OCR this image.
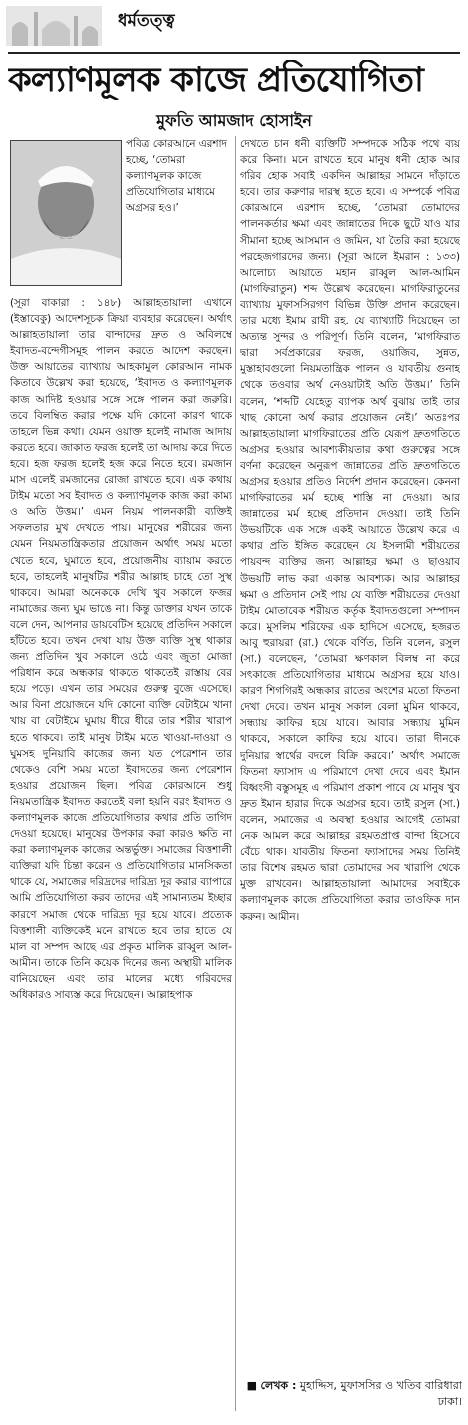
ধর্মতত্ত্ব
কল্যাণমূলক কাজে প্রতিযোগিতা
মুফতি আমজাদ হোসাইন
পবিত্র কোরআনে এরশাদ হচ্ছে, ‘তোমরা কল্যাণমূলক কাজে প্রতিযোগিতার মাধ্যমে অগ্রসর হও।’
(সূরা বাকারা : ১৪৮) আল্লাহতায়ালা এখানে (ইস্তাবেকু) আদেশসূচক ক্রিয়া ব্যবহার করেছেন। অর্থাৎ আল্লাহতায়ালা তার বান্দাদের দ্রুত ও অবিলম্বে ইবাদত-বন্দেগীসমূহ পালন করতে আদেশ করছেন। উক্ত আয়াতের ব্যাখ্যায় আহকামুল কোরআন নামক কিতাবে উল্লেখ করা হয়েছে, ‘ইবাদত ও কল্যাণমূলক কাজ আদিষ্ট হওয়ার সঙ্গে সঙ্গে পালন করা জরুরি। তবে বিলম্বিত করার পক্ষে যদি কোনো কারণ থাকে তাহলে ভিন্ন কথা। যেমন ওয়াক্ত হলেই নামাজ আদায় করতে হবে। জাকাত ফরজ হলেই তা আদায় করে দিতে হবে। হজ ফরজ হলেই হজ করে নিতে হবে। রমজান মাস এলেই রমজানের রোজা রাখতে হবে। এক কথায় টাইম মতো সব ইবাদত ও কল্যাণমূলক কাজ করা কাম্য ও অতি উত্তম।’ এমন নিয়ম পালনকারী ব্যক্তিই সফলতার মুখ দেখতে পায়। মানুষের শরীরের জন্য যেমন নিয়মতান্ত্রিকতার প্রয়োজন অর্থাৎ সময় মতো খেতে হবে, ঘুমাতে হবে, প্রয়োজনীয় ব্যায়াম করতে হবে, তাহলেই মানুষটির শরীর আল্লাহ চাহে তো সুস্থ থাকবে। আমরা অনেককে দেখি খুব সকালে ফজর নামাজের জন্য ঘুম ভাঙে না। কিন্তু ডাক্তার যখন তাকে বলে দেন, আপনার ডায়বেটিস হয়েছে প্রতিদিন সকালে হাঁটতে হবে। তখন দেখা যায় উক্ত ব্যক্তি সুস্থ থাকার জন্য প্রতিদিন খুব সকালে ওঠে এবং জুতা মোজা পরিধান করে অন্ধকার থাকতে থাকতেই রাস্তায় বের হয়ে পড়ে। এখন তার সময়ের গুরুত্ব বুজে এসেছে। আর বিনা প্রয়োজনে যদি কোনো ব্যক্তি বেটাইমে খানা খায় বা বেটাইমে ঘুমায় ধীরে ধীরে তার শরীর খারাপ হতে থাকবে। তাই মানুষ টাইম মতে খাওয়া-দাওয়া ও ঘুমসহ দুনিয়াবি কাজের জন্য যত পেরেশান তার থেকেও বেশি সময় মতো ইবাদতের জন্য পেরেশান হওয়ার প্রয়োজন ছিল। পবিত্র কোরআনে শুধু নিয়মতান্ত্রিক ইবাদত করতেই বলা হয়নি বরং ইবাদত ও কল্যাণমূলক কাজে প্রতিযোগিতার কথার প্রতি তাগিদ দেওয়া হয়েছে। মানুষের উপকার করা কারও ক্ষতি না করা কল্যাণমূলক কাজের অন্তর্ভুক্ত। সমাজের বিত্তশালী ব্যক্তিরা যদি চিন্তা করেন ও প্রতিযোগিতার মানসিকতা থাকে যে, সমাজের দরিদ্রদের দারিদ্র্য দূর করার ব্যাপারে আমি প্রতিযোগিতা করব তাদের এই সামান্যতম ইচ্ছার কারণে সমাজ থেকে দারিদ্র্য দূর হয়ে যাবে। প্রত্যেক বিত্তশালী ব্যক্তিকেই মনে রাখতে হবে তার হাতে যে মাল বা সম্পদ আছে এর প্রকৃত মালিক রাব্বুল আল-আমীন। তাকে তিনি কয়েক দিনের জন্য অস্থায়ী মালিক বানিয়েছেন এবং তার মালের মধ্যে গরিবদের অধিকারও সাব্যস্ত করে দিয়েছেন। আল্লাহপাক
দেখতে চান ধনী ব্যক্তিটি সম্পদকে সঠিক পথে ব্যয় করে কিনা। মনে রাখতে হবে মানুষ ধনী হোক আর গরিব হোক সবাই একদিন আল্লাহর সামনে দাঁড়াতে হবে। তার করুণার দারস্থ হতে হবে। এ সম্পর্কে পবিত্র কোরআনে এরশাদ হচ্ছে, ‘তোমরা তোমাদের পালনকর্তার ক্ষমা এবং জান্নাতের দিকে ছুটে যাও যার সীমানা হচ্ছে আসমান ও জমিন, যা তৈরি করা হয়েছে পরহেজগারদের জন্য। (সূরা আলে ইমরান : ১৩৩) আলোচ্য আয়াতে মহান রাব্বুল আল-আমিন (মাগফিরাতুন) শব্দ উল্লেখ করেছেন। মাগফিরাতুনের ব্যাখ্যায় মুফাসসিরগণ বিভিন্ন উক্তি প্রদান করেছেন। তার মধ্যে ইমাম রাযী রহ. যে ব্যাখ্যাটি দিয়েছেন তা অত্যন্ত সুন্দর ও পরিপূর্ণ। তিনি বলেন, ‘মাগফিরাত দ্বারা সর্বপ্রকারের ফরজ, ওয়াজিব, সুন্নত, মুস্তাহাবগুলো নিয়মতান্ত্রিক পালন ও যাবতীয় গুনাহ থেকে তওবার অর্থ নেওয়াটাই অতি উত্তম।’ তিনি বলেন, ‘শব্দটি যেহেতু ব্যাপক অর্থ বুঝায় তাই তার খাছ কোনো অর্থ করার প্রয়োজন নেই।’ অতঃপর আল্লাহতায়ালা মাগফিরাতের প্রতি যেরূপ দ্রুতগতিতে অগ্রসর হওয়ার আবশ্যকীয়তার কথা গুরুত্বের সঙ্গে বর্ণনা করেছেন অনুরূপ জান্নাতের প্রতি দ্রুতগতিতে অগ্রসর হওয়ার প্রতিও নির্দেশ প্রদান করেছেন। কেননা মাগফিরাতের মর্ম হচ্ছে শাস্তি না দেওয়া। আর জান্নাতের মর্ম হচ্ছে প্রতিদান দেওয়া। তাই তিনি উভয়টিকে এক সঙ্গে একই আয়াতে উল্লেখ করে এ কথার প্রতি ইঙ্গিত করেছেন যে ইসলামী শরীয়তের পায়বন্দ ব্যক্তির জন্য আল্লাহর ক্ষমা ও ছাওয়াব উভয়টি লাভ করা একান্ত আবশ্যক। আর আল্লাহর ক্ষমা ও প্রতিদান সেই পায় যে ব্যক্তি শরীয়তের দেওয়া টাইম মোতাবেক শরীয়ত কর্তৃক ইবাদতগুলো সম্পাদন করে। মুসলিম শরিফের এক হাদিসে এসেছে, হজরত আবু হুরায়রা (রা.) থেকে বর্ণিত, তিনি বলেন, রসুল (সা.) বলেছেন, ‘তোমরা ক্ষণকাল বিলম্ব না করে সৎকাজে প্রতিযোগিতার মাধ্যমে অগ্রসর হয়ে যাও। কারণ শিগগিরই অন্ধকার রাতের অংশের মতো ফিতনা দেখা দেবে। তখন মানুষ সকাল বেলা মুমিন থাকবে, সন্ধ্যায় কাফির হয়ে যাবে। আবার সন্ধ্যায় মুমিন থাকবে, সকালে কাফির হয়ে যাবে। তারা দীনকে দুনিয়ার স্বার্থের বদলে বিক্রি করবে।’ অর্থাৎ সমাজে ফিতনা ফ্যাসাদ এ পরিমাণে দেখা দেবে এবং ইমান বিধ্বংসী বস্তুসমূহ এ পরিমাণ প্রকাশ পাবে যে মানুষ খুব দ্রুত ইমান হারার দিকে অগ্রসর হবে। তাই রসুল (সা.) বলেন, সমাজের এ অবস্থা হওয়ার আগেই তোমরা নেক আমল করে আল্লাহর রহমতপ্রাপ্ত বান্দা হিসেবে বেঁচে থাক। যাবতীয় ফিতনা ফ্যাসাদের সময় তিনিই তার বিশেষ রহমত দ্বারা তোমাদের সব খারাপি থেকে মুক্ত রাখবেন। আল্লাহতায়ালা আমাদের সবাইকে কল্যাণমূলক কাজে প্রতিযোগিতা করার তাওফিক দান করুন। আমীন।
■ লেখক : মুহাদ্দিস, মুফাসসির ও খতিব বারিধারা ঢাকা।
